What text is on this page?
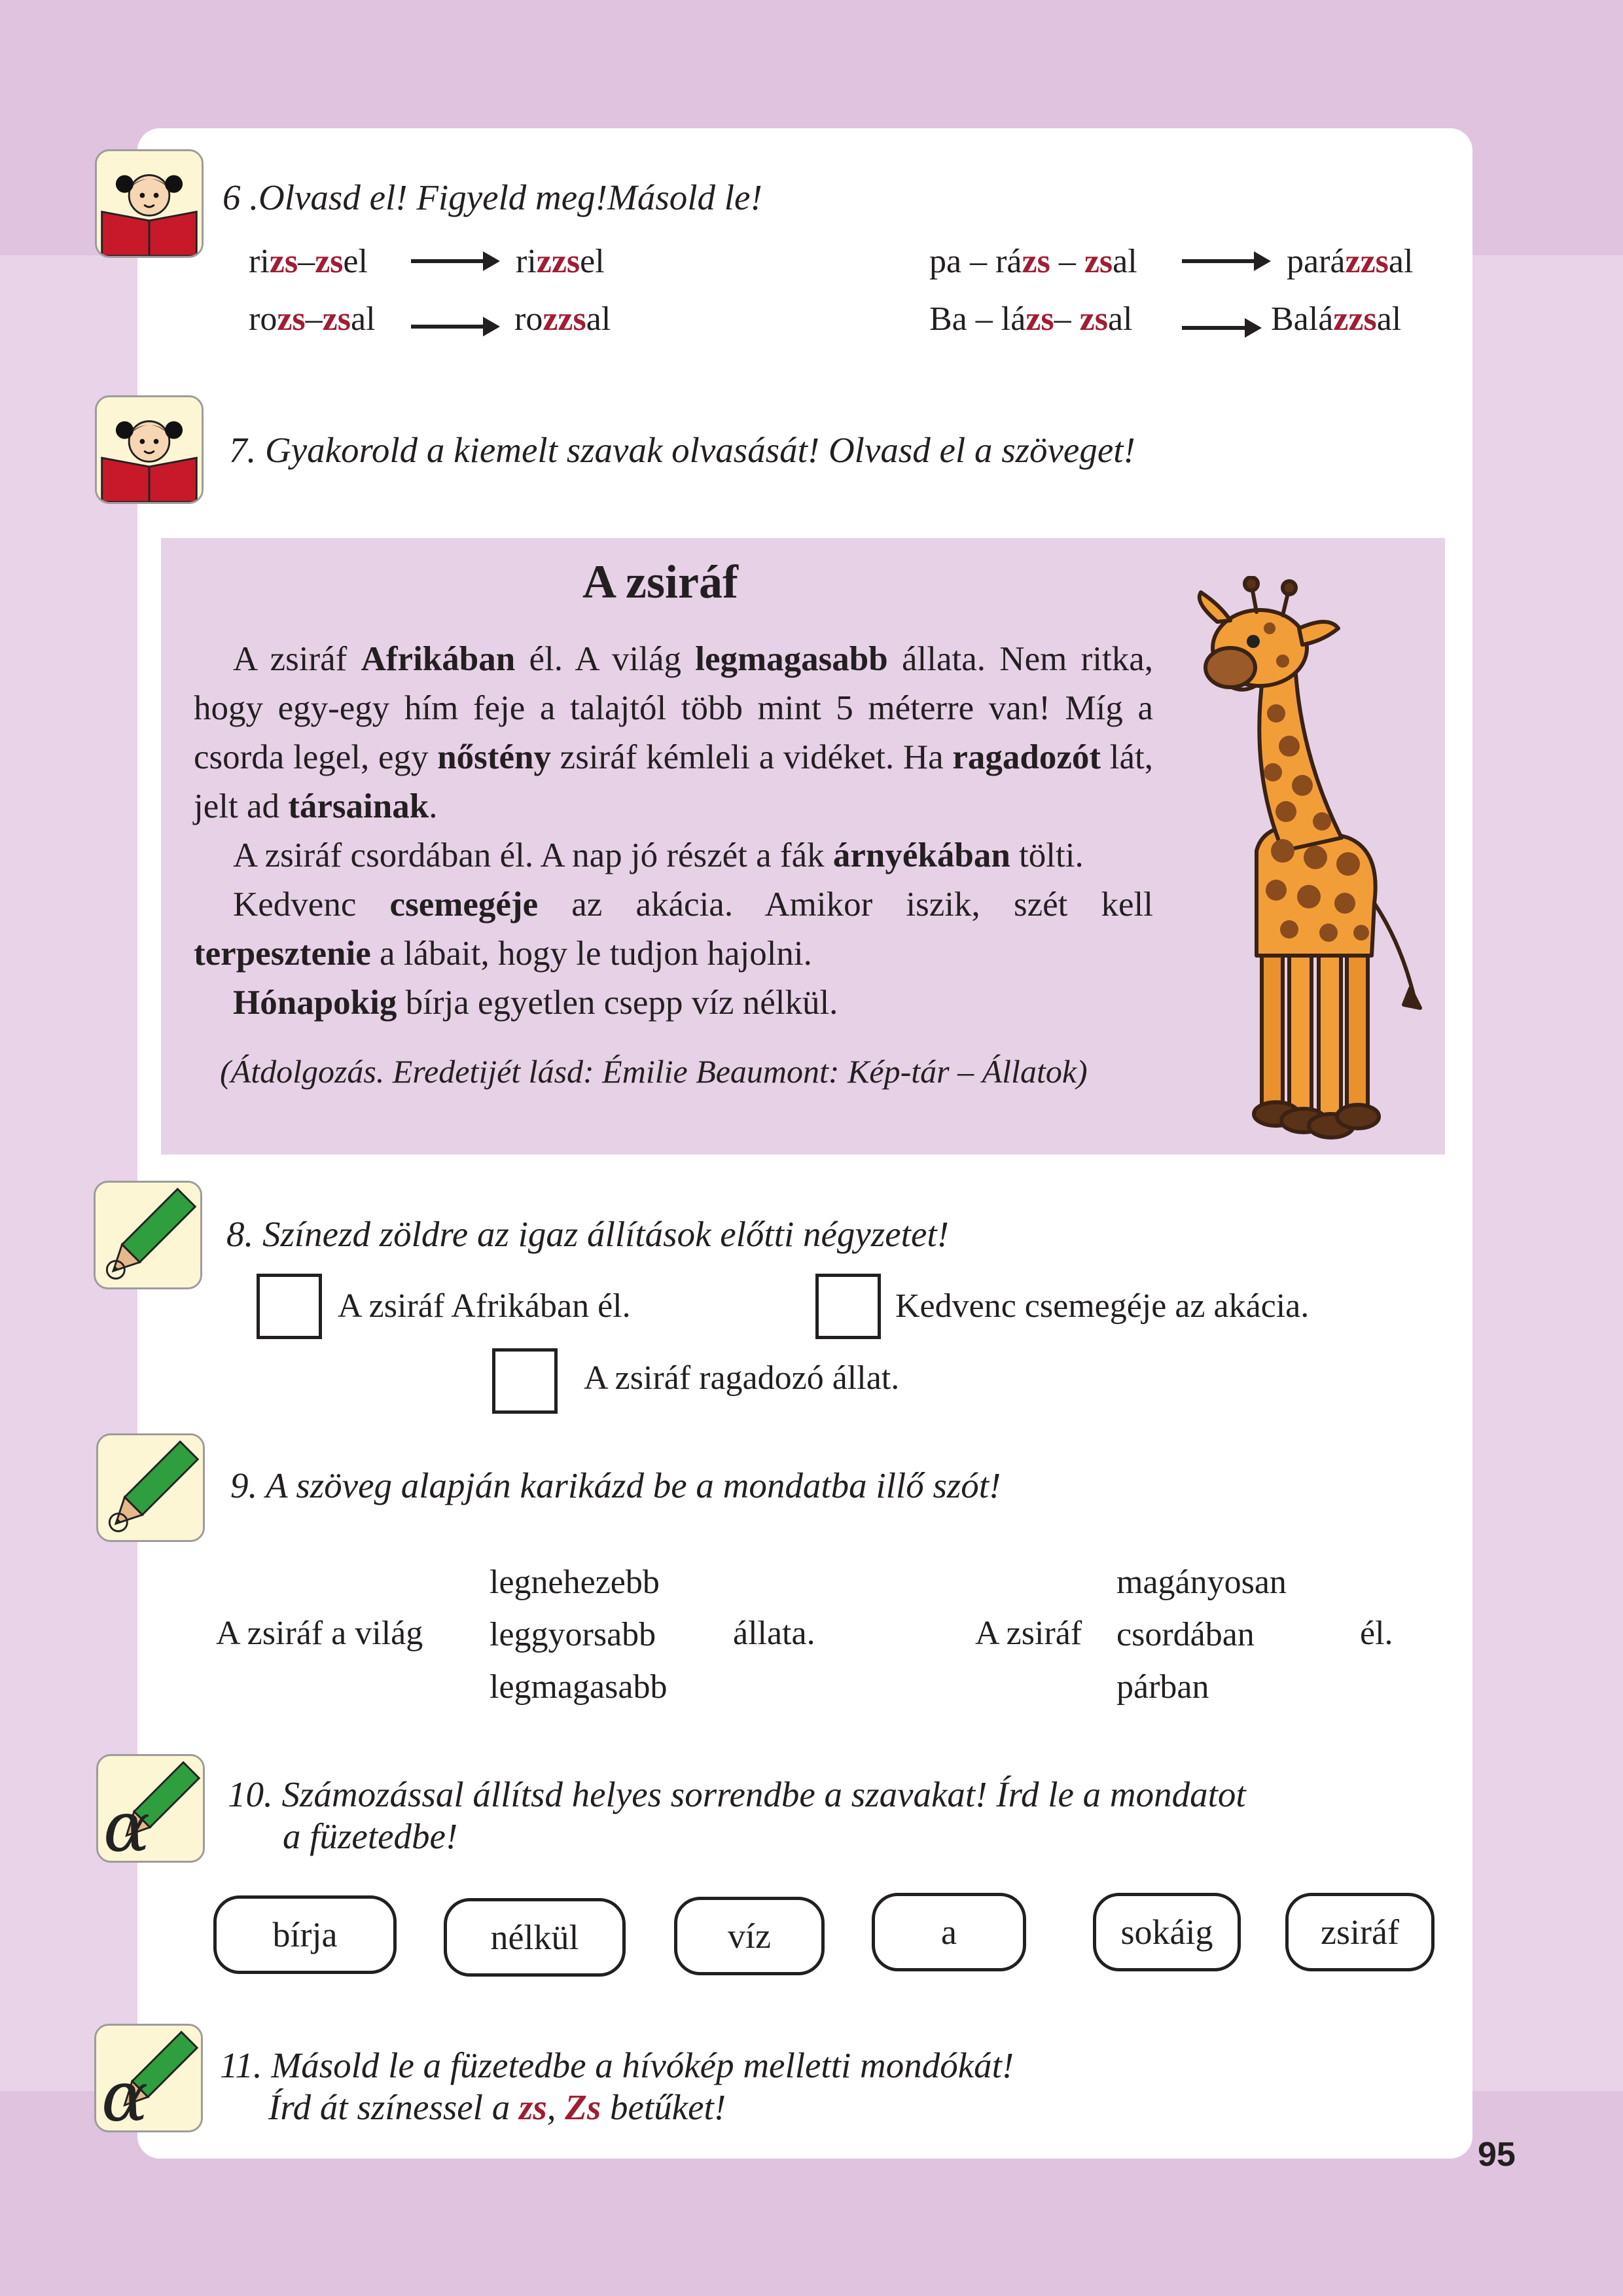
6 .Olvasd el! Figyeld meg!Másold le!
rizs–zsel	rizzsel
rozs–zsal	rozzsal
pa – rázs – zsal	parázzsal
Ba – lázs– zsal	Balázzsal
7. Gyakorold a kiemelt szavak olvasását! Olvasd el a szöveget!
A zsiráf

A zsiráf Afrikában él. A világ legmagasabb állata. Nem ritka, hogy egy-egy hím feje a talajtól több mint 5 méterre van! Míg a csorda legel, egy nőstény zsiráf kémleli a vidéket. Ha ragadozót lát, jelt ad társainak.

A zsiráf csordában él. A nap jó részét a fák árnyékában tölti.

Kedvenc csemegéje az akácia. Amikor iszik, szét kell terpesztenie a lábait, hogy le tudjon hajolni.

Hónapokig bírja egyetlen csepp víz nélkül.

(Átdolgozás. Eredetijét lásd: Émilie Beaumont: Kép-tár – Állatok)
8. Színezd zöldre az igaz állítások előtti négyzetet!
A zsiráf Afrikában él.	Kedvenc csemegéje az akácia.
A zsiráf ragadozó állat.
9. A szöveg alapján karikázd be a mondatba illő szót!
A zsiráf a világ
legnehezebb
leggyorsabb
legmagasabb
állata.	A zsiráf
magányosan
csordában
párban
él.
α 10. Számozással állítsd helyes sorrendbe a szavakat! Írd le a mondatot
a füzetedbe!
bírja	nélkül	víz	a	sokáig	zsiráf
α 11. Másold le a füzetedbe a hívókép melletti mondókát!
Írd át színessel a zs, Zs betűket!
95
